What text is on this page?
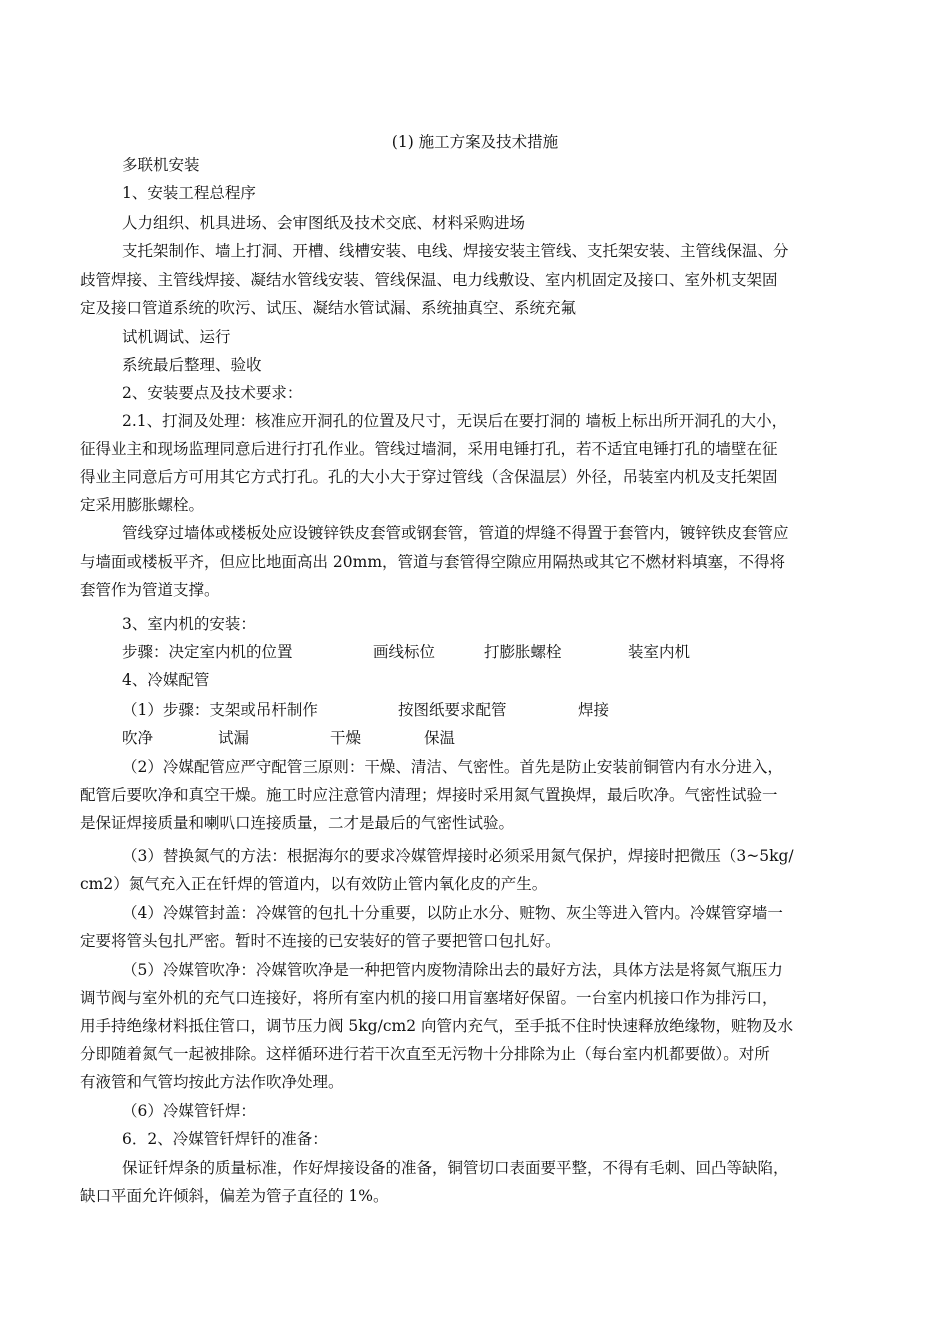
(1) 施工方案及技术措施
多联机安装
1、安装工程总程序
人力组织、机具进场、会审图纸及技术交底、材料采购进场
支托架制作、墙上打洞、开槽、线槽安装、电线、焊接安装主管线、支托架安装、主管线保温、分
歧管焊接、主管线焊接、凝结水管线安装、管线保温、电力线敷设、室内机固定及接口、室外机支架固
定及接口管道系统的吹污、试压、凝结水管试漏、系统抽真空、系统充氟
试机调试、运行
系统最后整理、验收
2、安装要点及技术要求：
2.1、打洞及处理：核准应开洞孔的位置及尺寸，无误后在要打洞的 墙板上标出所开洞孔的大小，
征得业主和现场监理同意后进行打孔作业。管线过墙洞，采用电锤打孔，若不适宜电锤打孔的墙壁在征
得业主同意后方可用其它方式打孔。孔的大小大于穿过管线（含保温层）外径，吊装室内机及支托架固
定采用膨胀螺栓。
管线穿过墙体或楼板处应设镀锌铁皮套管或钢套管，管道的焊缝不得置于套管内，镀锌铁皮套管应
与墙面或楼板平齐，但应比地面高出 20mm，管道与套管得空隙应用隔热或其它不燃材料填塞，不得将
套管作为管道支撑。
3、室内机的安装：
4、冷媒配管
（2）冷媒配管应严守配管三原则：干燥、清洁、气密性。首先是防止安装前铜管内有水分进入，
配管后要吹净和真空干燥。施工时应注意管内清理；焊接时采用氮气置换焊，最后吹净。气密性试验一
是保证焊接质量和喇叭口连接质量，二才是最后的气密性试验。
（3）替换氮气的方法：根据海尔的要求冷媒管焊接时必须采用氮气保护，焊接时把微压（3~5kg/
cm2）氮气充入正在钎焊的管道内，以有效防止管内氧化皮的产生。
（4）冷媒管封盖：冷媒管的包扎十分重要，以防止水分、赃物、灰尘等进入管内。冷媒管穿墙一
定要将管头包扎严密。暂时不连接的已安装好的管子要把管口包扎好。
（5）冷媒管吹净：冷媒管吹净是一种把管内废物清除出去的最好方法，具体方法是将氮气瓶压力
调节阀与室外机的充气口连接好，将所有室内机的接口用盲塞堵好保留。一台室内机接口作为排污口，
用手持绝缘材料抵住管口，调节压力阀 5kg/cm2 向管内充气，至手抵不住时快速释放绝缘物，赃物及水
分即随着氮气一起被排除。这样循环进行若干次直至无污物十分排除为止（每台室内机都要做）。对所
有液管和气管均按此方法作吹净处理。
（6）冷媒管钎焊：
6．2、冷媒管钎焊钎的准备：
保证钎焊条的质量标准，作好焊接设备的准备，铜管切口表面要平整，不得有毛刺、回凸等缺陷，
缺口平面允许倾斜，偏差为管子直径的 1%。
步骤：决定室内机的位置	画线标位	打膨胀螺栓	装室内机
（1）步骤：支架或吊杆制作	按图纸要求配管	焊接
吹净	试漏	干燥	保温
